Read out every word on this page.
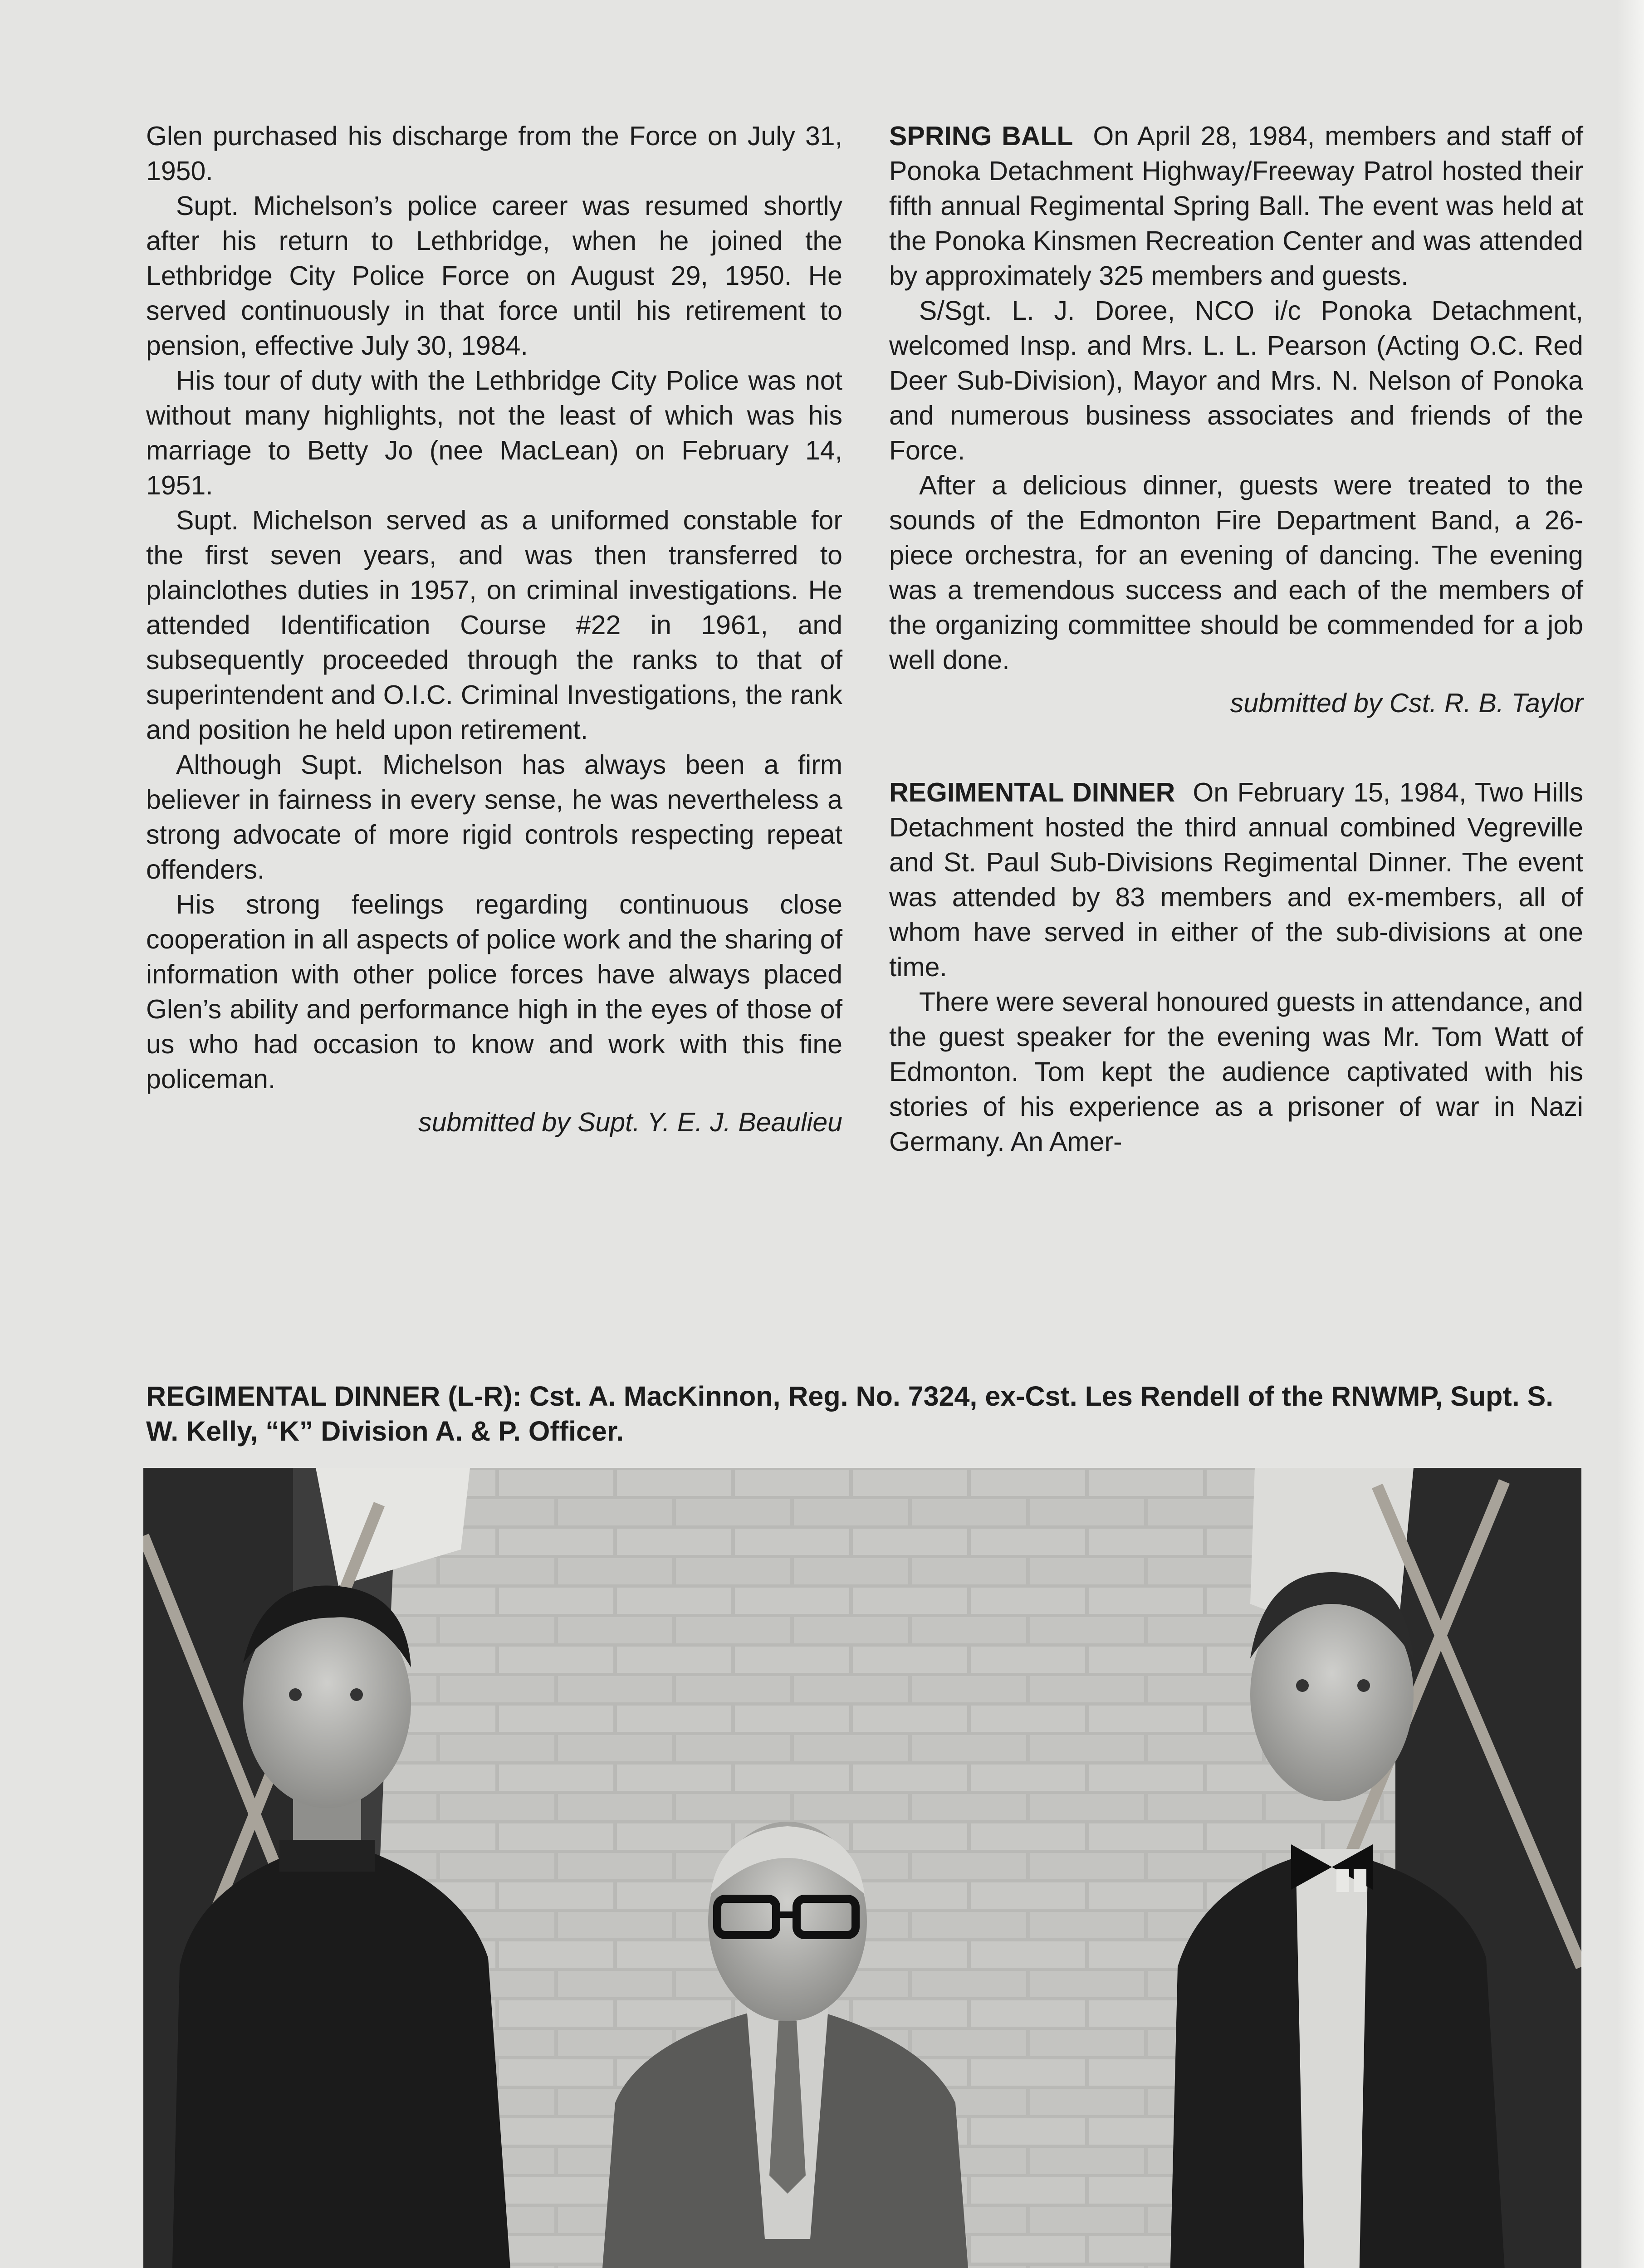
Glen purchased his discharge from the Force on July 31, 1950.

Supt. Michelson’s police career was resumed shortly after his return to Lethbridge, when he joined the Lethbridge City Police Force on August 29, 1950. He served continuously in that force until his retirement to pension, effective July 30, 1984.

His tour of duty with the Lethbridge City Police was not without many highlights, not the least of which was his marriage to Betty Jo (nee MacLean) on February 14, 1951.

Supt. Michelson served as a uniformed constable for the first seven years, and was then transferred to plainclothes duties in 1957, on criminal investigations. He attended Identification Course #22 in 1961, and subsequently proceeded through the ranks to that of superintendent and O.I.C. Criminal Investigations, the rank and position he held upon retirement.

Although Supt. Michelson has always been a firm believer in fairness in every sense, he was nevertheless a strong advocate of more rigid controls respecting repeat offenders.

His strong feelings regarding continuous close cooperation in all aspects of police work and the sharing of information with other police forces have always placed Glen’s ability and performance high in the eyes of those of us who had occasion to know and work with this fine policeman.

submitted by Supt. Y. E. J. Beaulieu

SPRING BALL On April 28, 1984, members and staff of Ponoka Detachment Highway/Freeway Patrol hosted their fifth annual Regimental Spring Ball. The event was held at the Ponoka Kinsmen Recreation Center and was attended by approximately 325 members and guests.

S/Sgt. L. J. Doree, NCO i/c Ponoka Detachment, welcomed Insp. and Mrs. L. L. Pearson (Acting O.C. Red Deer Sub-Division), Mayor and Mrs. N. Nelson of Ponoka and numerous business associates and friends of the Force.

After a delicious dinner, guests were treated to the sounds of the Edmonton Fire Department Band, a 26-piece orchestra, for an evening of dancing. The evening was a tremendous success and each of the members of the organizing committee should be commended for a job well done.

submitted by Cst. R. B. Taylor

REGIMENTAL DINNER On February 15, 1984, Two Hills Detachment hosted the third annual combined Vegreville and St. Paul Sub-Divisions Regimental Dinner. The event was attended by 83 members and ex-members, all of whom have served in either of the sub-divisions at one time.

There were several honoured guests in attendance, and the guest speaker for the evening was Mr. Tom Watt of Edmonton. Tom kept the audience captivated with his stories of his experience as a prisoner of war in Nazi Germany. An Amer-

REGIMENTAL DINNER (L-R): Cst. A. MacKinnon, Reg. No. 7324, ex-Cst. Les Rendell of the RNWMP, Supt. S. W. Kelly, “K” Division A. & P. Officer.
